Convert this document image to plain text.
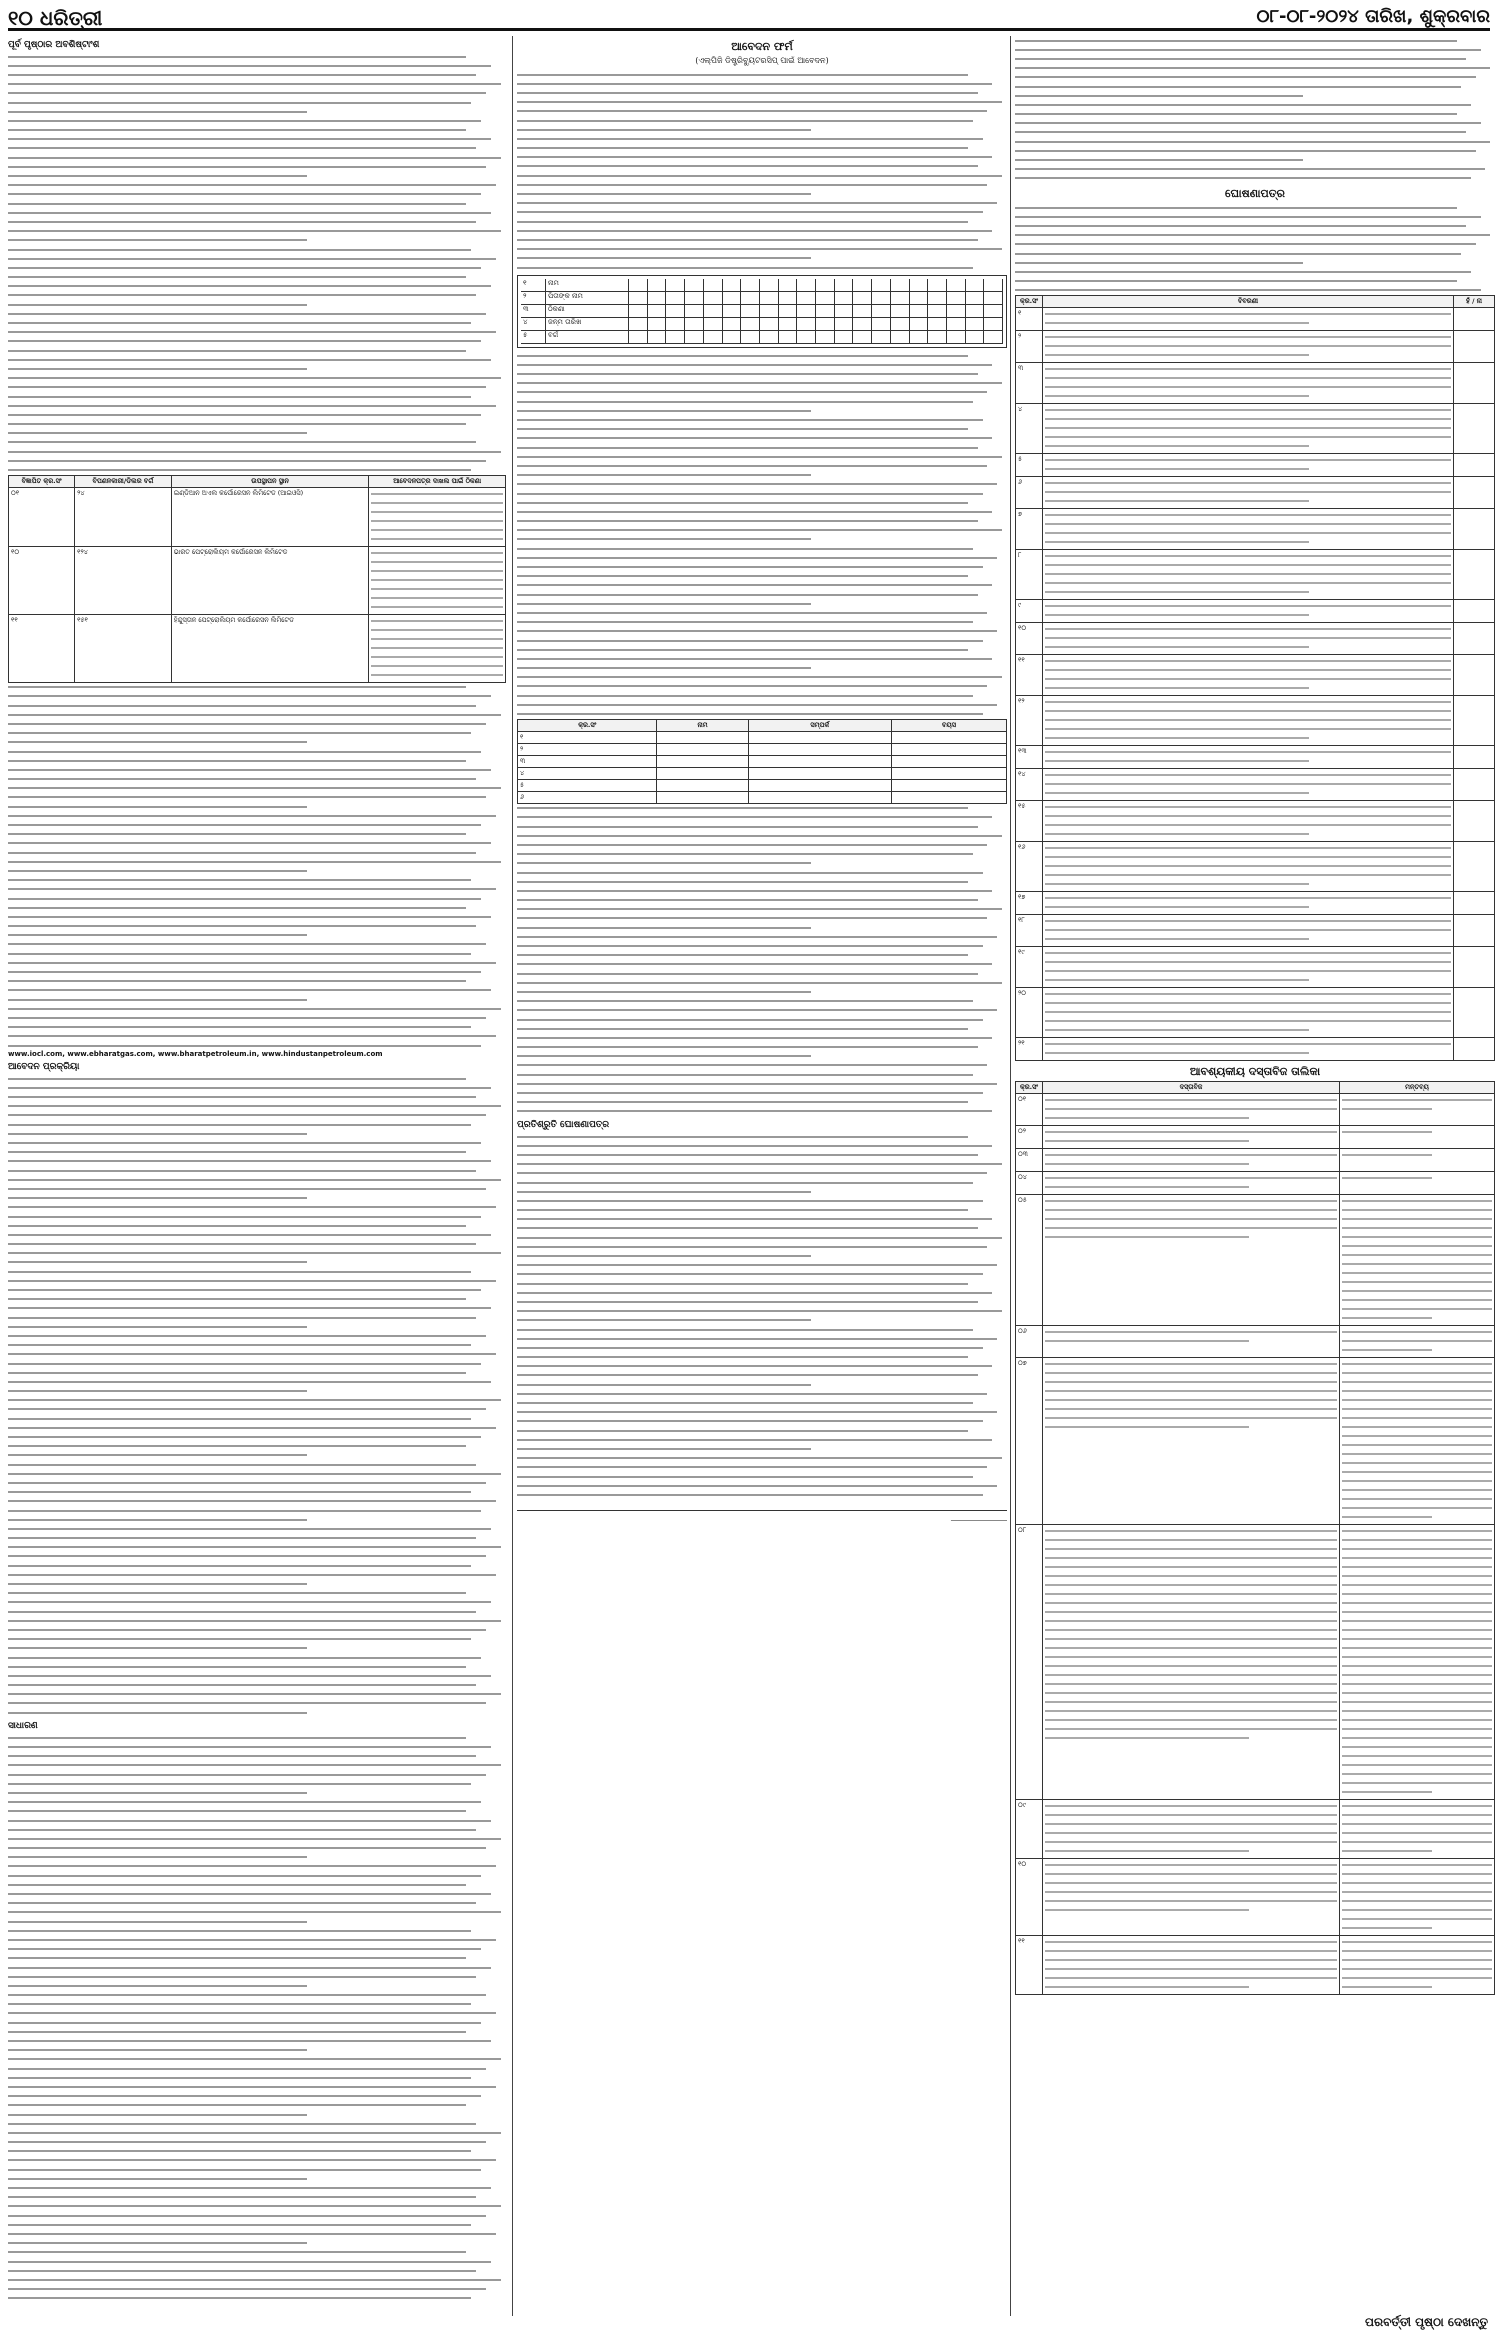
୧୦ ଧରିତ୍ରୀ	୦୮-୦୮-୨୦୨୪ ତାରିଖ, ଶୁକ୍ରବାର
ପୂର୍ବ ପୃଷ୍ଠାର ଅବଶିଷ୍ଟାଂଶ
ବିଜ୍ଞାପିତ କ୍ର.ସଂ	ବିପଣନକାରୀ/ଡିଲର ବର୍ଗ	ଉପସ୍ଥାପନ ସ୍ଥାନ	ଆବେଦନପତ୍ର ଦାଖଲ ପାଇଁ ଠିକଣା
୦୧	୨୪	ଇଣ୍ଡିଆନ ଅଏଲ କର୍ପୋରେସନ ଲିମିଟେଡ (ଆଇଓସି)	

୧୦	୧୨୪	ଭାରତ ପେଟ୍ରୋଲିୟମ କର୍ପୋରେସନ ଲିମିଟେଡ	

୧୧	୧୫୧	ହିନ୍ଦୁସ୍ତାନ ପେଟ୍ରୋଲିୟମ କର୍ପୋରେସନ ଲିମିଟେଡ	
www.iocl.com, www.ebharatgas.com, www.bharatpetroleum.in, www.hindustanpetroleum.com
ଆବେଦନ ପ୍ରକ୍ରିୟା
ସାଧାରଣ
ଆବେଦନ ଫର୍ମ
(ଏଲ୍‌ପିଜି ଡିଷ୍ଟ୍ରିବ୍ୟୁଟରସିପ୍ ପାଇଁ ଆବେଦନ)
୧	ନାମ
୨	ପିତାଙ୍କ ନାମ
୩	ଠିକଣା
୪	ଜନ୍ମ ତାରିଖ
୫	ବର୍ଗ
କ୍ର.ସଂ	ନାମ	ସମ୍ପର୍କ	ବୟସ
୧			
୨			
୩			
୪			
୫			
୬			
ପ୍ରତିଶ୍ରୁତି ଘୋଷଣାପତ୍ର
________________
ଘୋଷଣାପତ୍ର
କ୍ର.ସଂ	ବିବରଣୀ	ହଁ / ନା
୧	

୨	

୩	

୪	

୫	

୬	

୭	

୮	

୯	

୧୦	

୧୧	

୧୨	

୧୩	

୧୪	

୧୫	

୧୬	

୧୭	

୧୮	

୧୯	

୨୦	

୨୧	

ଆବଶ୍ୟକୀୟ ଦସ୍ତାବିଜ ତାଲିକା
କ୍ର.ସଂ	ଦସ୍ତାବିଜ	ମନ୍ତବ୍ୟ
୦୧	

୦୨	

୦୩	

୦୪	

୦୫	

୦୬	

୦୭	

୦୮	

୦୯	

୧୦	

୧୧	

ପରବର୍ତ୍ତୀ ପୃଷ୍ଠା ଦେଖନ୍ତୁ
